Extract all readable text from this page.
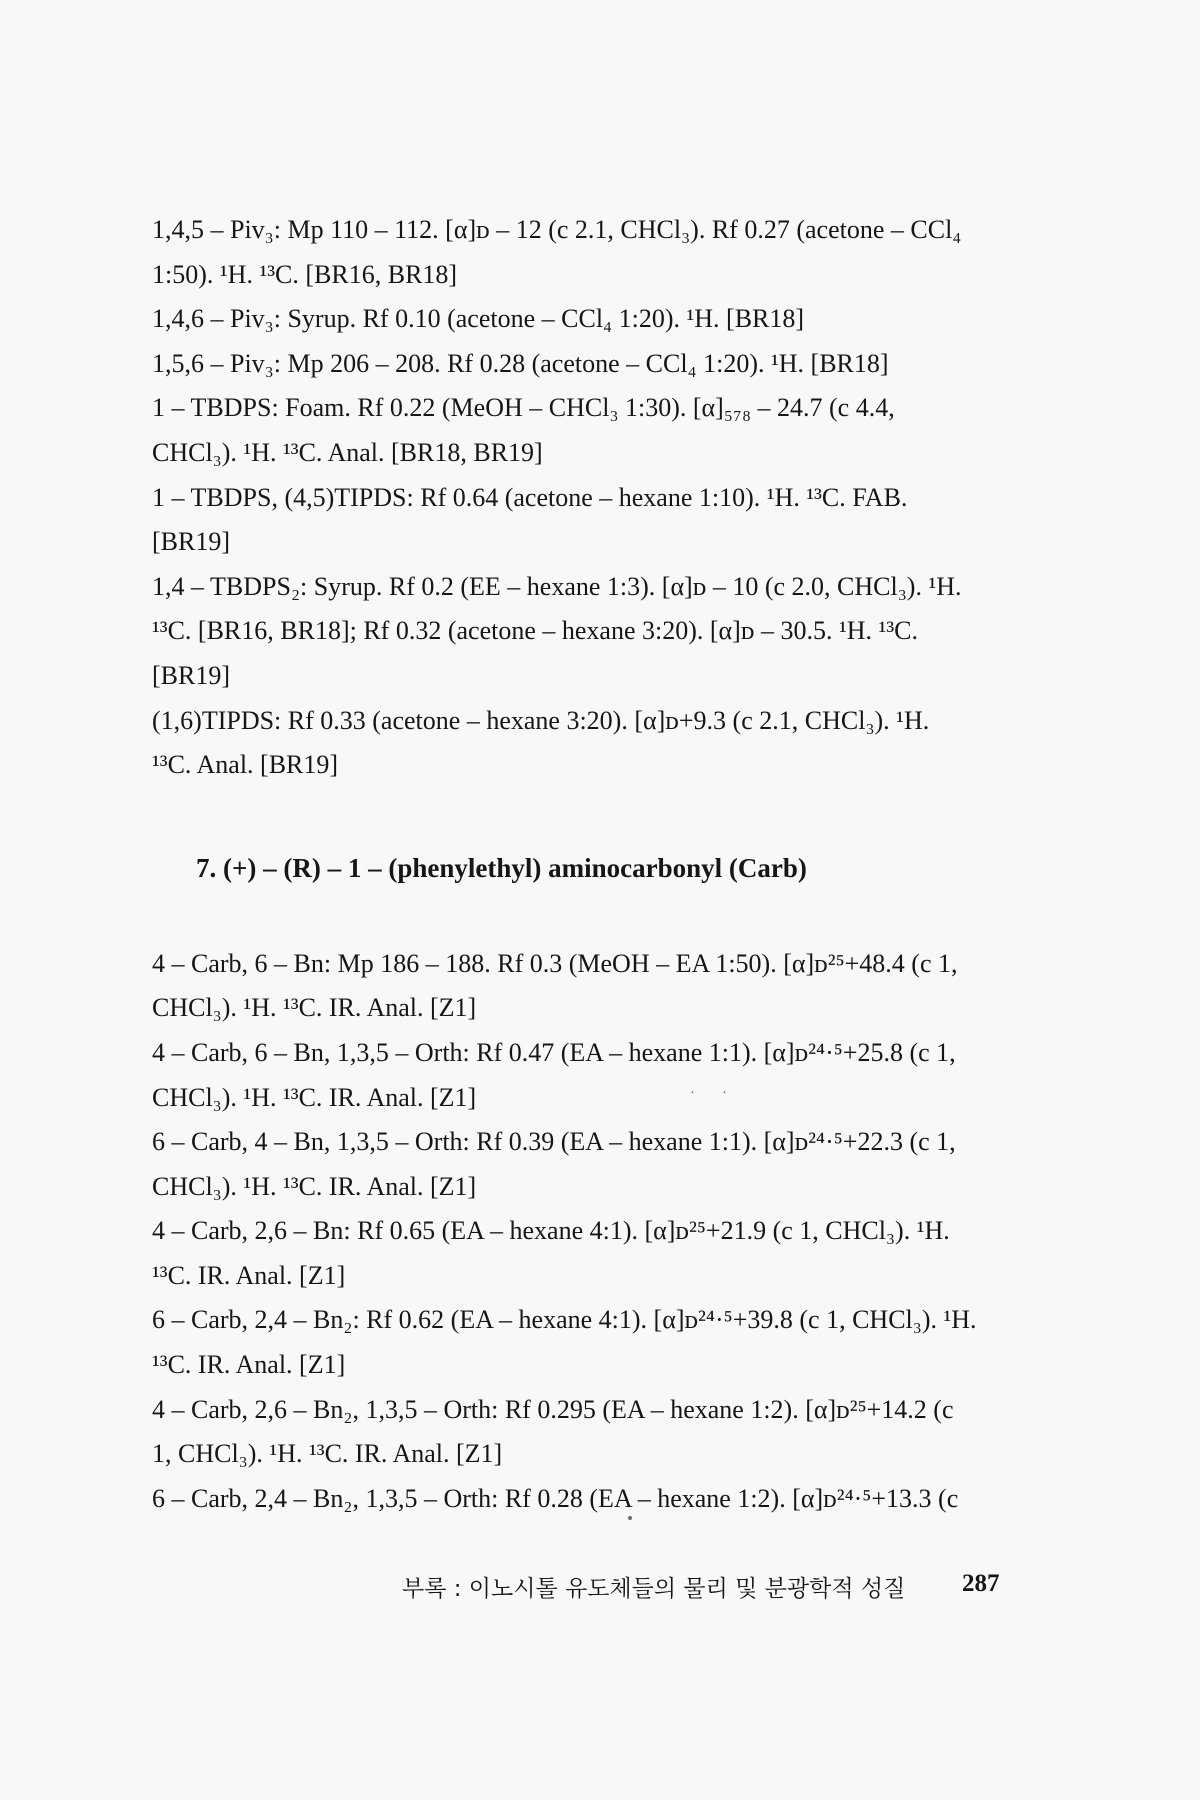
1,4,5 – Piv₃: Mp 110 – 112. [α]ᴅ – 12 (c 2.1, CHCl₃). Rf 0.27 (acetone – CCl₄
1:50). ¹H. ¹³C. [BR16, BR18]
1,4,6 – Piv₃: Syrup. Rf 0.10 (acetone – CCl₄ 1:20). ¹H. [BR18]
1,5,6 – Piv₃: Mp 206 – 208. Rf 0.28 (acetone – CCl₄ 1:20). ¹H. [BR18]
1 – TBDPS: Foam. Rf 0.22 (MeOH – CHCl₃ 1:30). [α]₅₇₈ – 24.7 (c 4.4,
CHCl₃). ¹H. ¹³C. Anal. [BR18, BR19]
1 – TBDPS, (4,5)TIPDS: Rf 0.64 (acetone – hexane 1:10). ¹H. ¹³C. FAB.
[BR19]
1,4 – TBDPS₂: Syrup. Rf 0.2 (EE – hexane 1:3). [α]ᴅ – 10 (c 2.0, CHCl₃). ¹H.
¹³C. [BR16, BR18]; Rf 0.32 (acetone – hexane 3:20). [α]ᴅ – 30.5. ¹H. ¹³C.
[BR19]
(1,6)TIPDS: Rf 0.33 (acetone – hexane 3:20). [α]ᴅ+9.3 (c 2.1, CHCl₃). ¹H.
¹³C. Anal. [BR19]
7. (+) – (R) – 1 – (phenylethyl) aminocarbonyl (Carb)
4 – Carb, 6 – Bn: Mp 186 – 188. Rf 0.3 (MeOH – EA 1:50). [α]ᴅ²⁵+48.4 (c 1,
CHCl₃). ¹H. ¹³C. IR. Anal. [Z1]
4 – Carb, 6 – Bn, 1,3,5 – Orth: Rf 0.47 (EA – hexane 1:1). [α]ᴅ²⁴·⁵+25.8 (c 1,
CHCl₃). ¹H. ¹³C. IR. Anal. [Z1]
6 – Carb, 4 – Bn, 1,3,5 – Orth: Rf 0.39 (EA – hexane 1:1). [α]ᴅ²⁴·⁵+22.3 (c 1,
CHCl₃). ¹H. ¹³C. IR. Anal. [Z1]
4 – Carb, 2,6 – Bn: Rf 0.65 (EA – hexane 4:1). [α]ᴅ²⁵+21.9 (c 1, CHCl₃). ¹H.
¹³C. IR. Anal. [Z1]
6 – Carb, 2,4 – Bn₂: Rf 0.62 (EA – hexane 4:1). [α]ᴅ²⁴·⁵+39.8 (c 1, CHCl₃). ¹H.
¹³C. IR. Anal. [Z1]
4 – Carb, 2,6 – Bn₂, 1,3,5 – Orth: Rf 0.295 (EA – hexane 1:2). [α]ᴅ²⁵+14.2 (c
1, CHCl₃). ¹H. ¹³C. IR. Anal. [Z1]
6 – Carb, 2,4 – Bn₂, 1,3,5 – Orth: Rf 0.28 (EA – hexane 1:2). [α]ᴅ²⁴·⁵+13.3 (c
· ·
부록 : 이노시톨 유도체들의 물리 및 분광학적 성질 287
